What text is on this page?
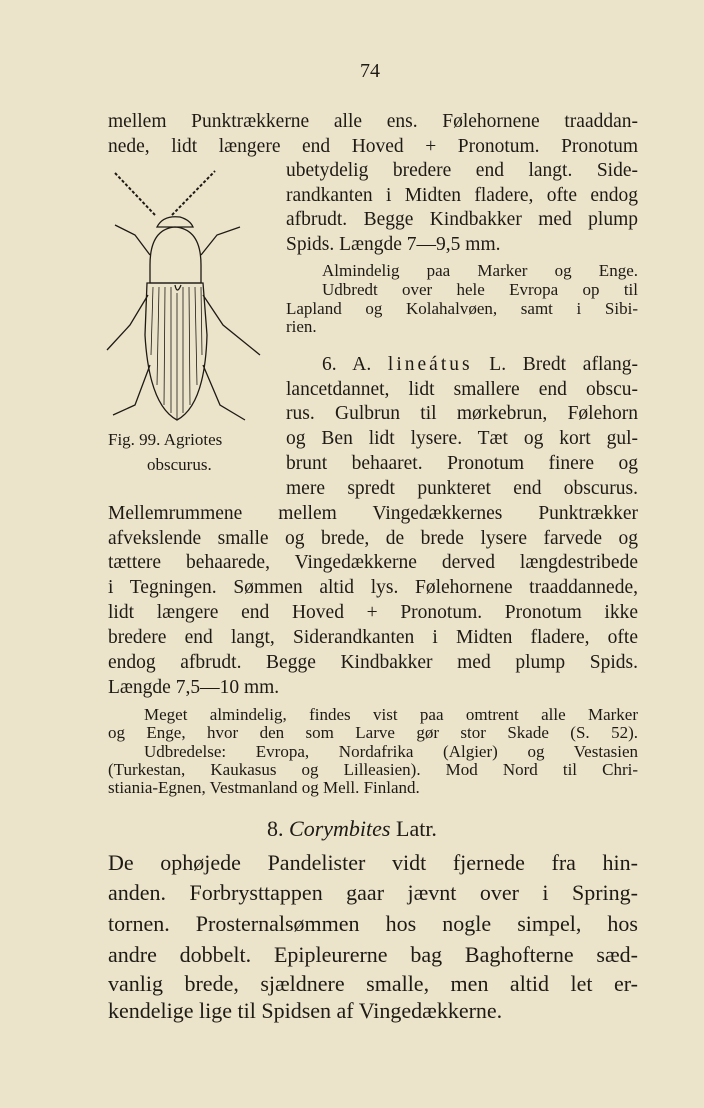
74
mellem Punktrækkerne alle ens. Følehornene traaddan-
nede, lidt længere end Hoved + Pronotum. Pronotum
ubetydelig bredere end langt. Side-
randkanten i Midten fladere, ofte endog
afbrudt. Begge Kindbakker med plump
Spids. Længde 7—9,5 mm.
Almindelig paa Marker og Enge.
Udbredt over hele Evropa op til
Lapland og Kolahalvøen, samt i Sibi-
rien.
6. A. lineátus L. Bredt aflang-
lancetdannet, lidt smallere end obscu-
rus. Gulbrun til mørkebrun, Følehorn
og Ben lidt lysere. Tæt og kort gul-
brunt behaaret. Pronotum finere og
mere spredt punkteret end obscurus.
Mellemrummene mellem Vingedækkernes Punktrækker
afvekslende smalle og brede, de brede lysere farvede og
tættere behaarede, Vingedækkerne derved længdestribede
i Tegningen. Sømmen altid lys. Følehornene traaddannede,
lidt længere end Hoved + Pronotum. Pronotum ikke
bredere end langt, Siderandkanten i Midten fladere, ofte
endog afbrudt. Begge Kindbakker med plump Spids.
Længde 7,5—10 mm.
Meget almindelig, findes vist paa omtrent alle Marker
og Enge, hvor den som Larve gør stor Skade (S. 52).
Udbredelse: Evropa, Nordafrika (Algier) og Vestasien
(Turkestan, Kaukasus og Lilleasien). Mod Nord til Chri-
stiania-Egnen, Vestmanland og Mell. Finland.
8. Corymbites Latr.
De ophøjede Pandelister vidt fjernede fra hin-
anden. Forbrysttappen gaar jævnt over i Spring-
tornen. Prosternalsømmen hos nogle simpel, hos
andre dobbelt. Epipleurerne bag Baghofterne sæd-
vanlig brede, sjældnere smalle, men altid let er-
kendelige lige til Spidsen af Vingedækkerne.
Fig. 99. Agriotes
obscurus.
